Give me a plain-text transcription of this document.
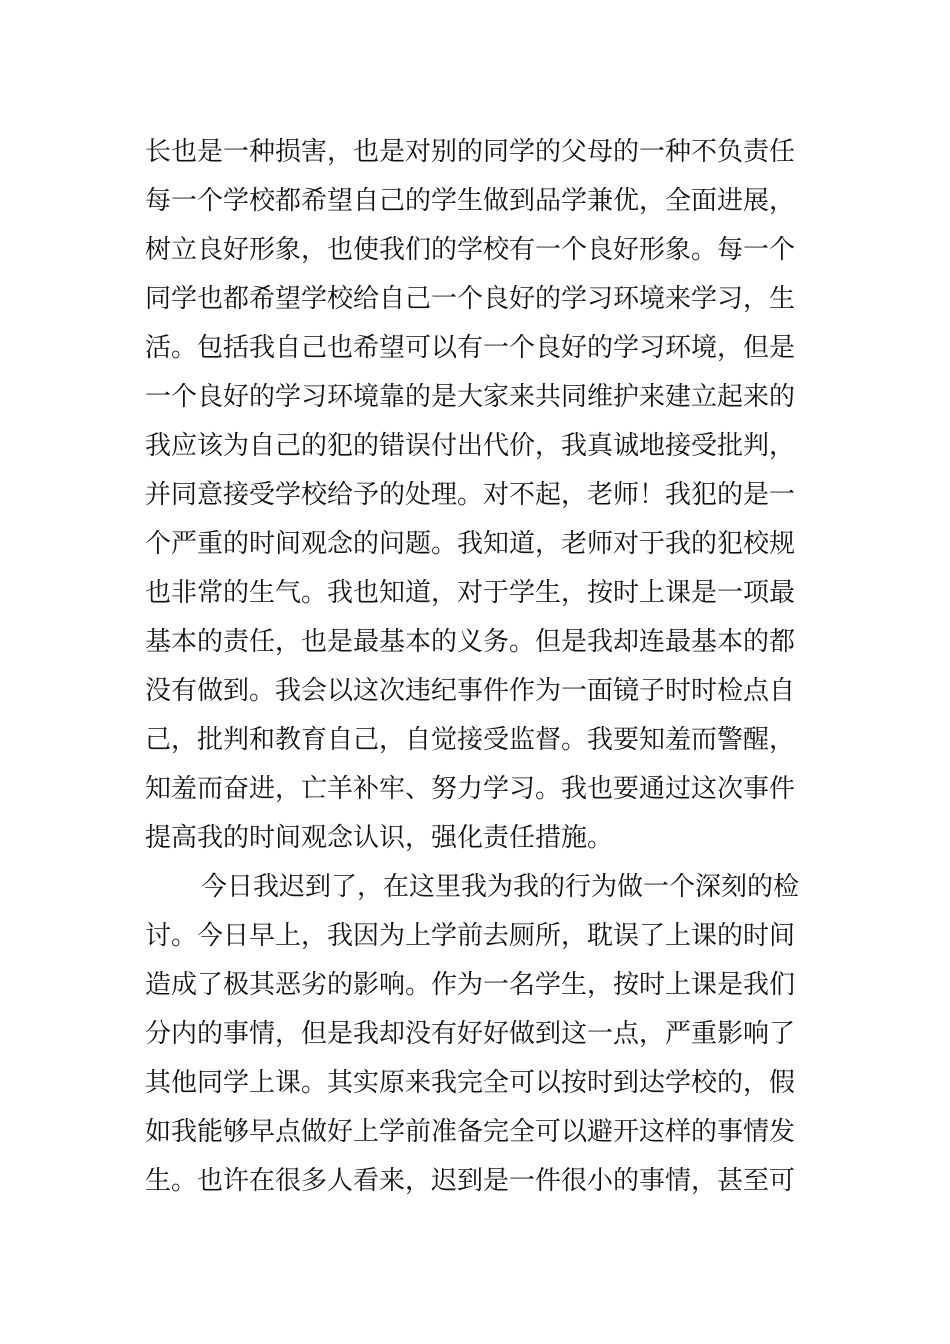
长也是一种损害，也是对别的同学的父母的一种不负责任
每一个学校都希望自己的学生做到品学兼优，全面进展，
树立良好形象，也使我们的学校有一个良好形象。每一个
同学也都希望学校给自己一个良好的学习环境来学习，生
活。包括我自己也希望可以有一个良好的学习环境，但是
一个良好的学习环境靠的是大家来共同维护来建立起来的
我应该为自己的犯的错误付出代价，我真诚地接受批判，
并同意接受学校给予的处理。对不起，老师！我犯的是一
个严重的时间观念的问题。我知道，老师对于我的犯校规
也非常的生气。我也知道，对于学生，按时上课是一项最
基本的责任，也是最基本的义务。但是我却连最基本的都
没有做到。我会以这次违纪事件作为一面镜子时时检点自
己，批判和教育自己，自觉接受监督。我要知羞而警醒，
知羞而奋进，亡羊补牢、努力学习。我也要通过这次事件
提高我的时间观念认识，强化责任措施。
今日我迟到了，在这里我为我的行为做一个深刻的检
讨。今日早上，我因为上学前去厕所，耽误了上课的时间
造成了极其恶劣的影响。作为一名学生，按时上课是我们
分内的事情，但是我却没有好好做到这一点，严重影响了
其他同学上课。其实原来我完全可以按时到达学校的，假
如我能够早点做好上学前准备完全可以避开这样的事情发
生。也许在很多人看来，迟到是一件很小的事情，甚至可
